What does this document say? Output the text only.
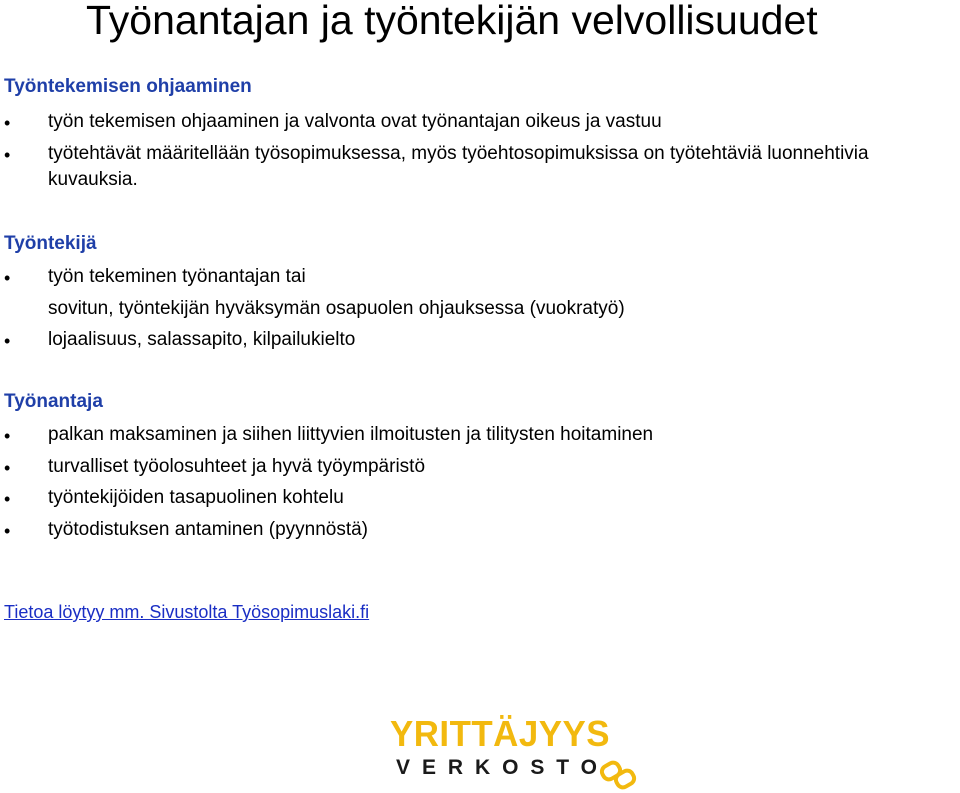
Työnantajan ja työntekijän velvollisuudet
Työntekemisen ohjaaminen
• työn tekemisen ohjaaminen ja valvonta ovat työnantajan oikeus ja vastuu
• työtehtävät määritellään työsopimuksessa, myös työehtosopimuksissa on työtehtäviä luonnehtivia kuvauksia.
Työntekijä
• työn tekeminen työnantajan tai
sovitun, työntekijän hyväksymän osapuolen ohjauksessa (vuokratyö)
• lojaalisuus, salassapito, kilpailukielto
Työnantaja
• palkan maksaminen ja siihen liittyvien ilmoitusten ja tilitysten hoitaminen
• turvalliset työolosuhteet ja hyvä työympäristö
• työntekijöiden tasapuolinen kohtelu
• työtodistuksen antaminen (pyynnöstä)
Tietoa löytyy mm. Sivustolta Työsopimuslaki.fi
YRITTÄJYYS
VERKOSTO
